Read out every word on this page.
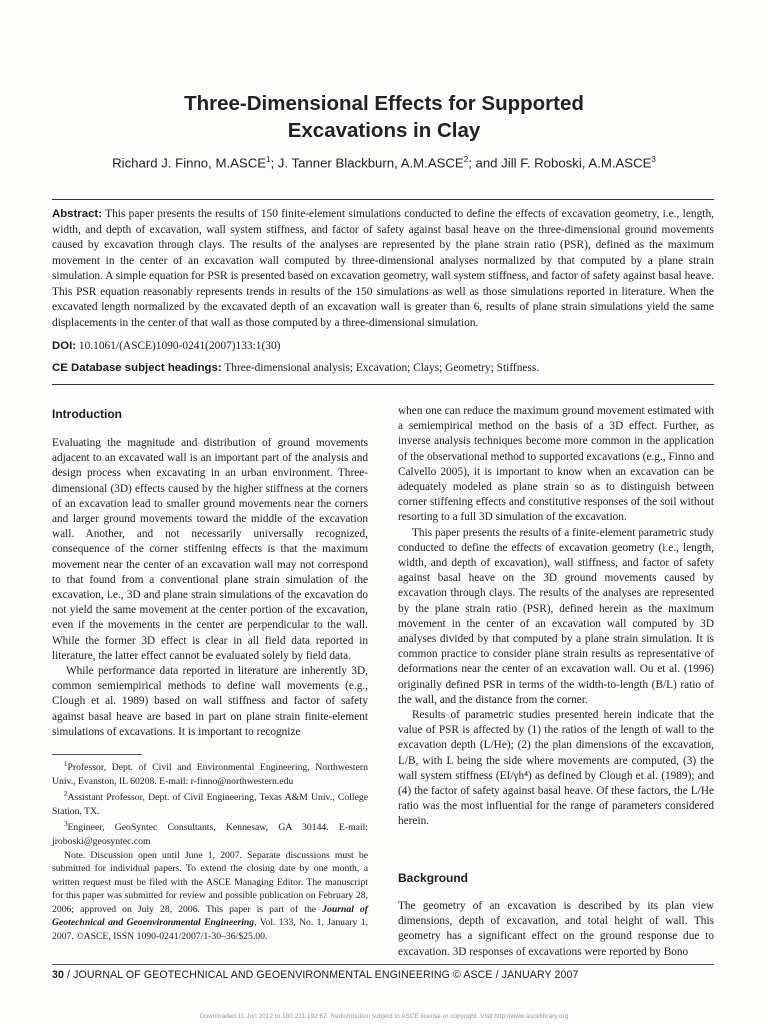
Three-Dimensional Effects for Supported
Excavations in Clay
Richard J. Finno, M.ASCE$^1$; J. Tanner Blackburn, A.M.ASCE$^2$; and Jill F. Roboski, A.M.ASCE$^3$
Abstract: This paper presents the results of 150 finite-element simulations conducted to define the effects of excavation geometry, i.e., length, width, and depth of excavation, wall system stiffness, and factor of safety against basal heave on the three-dimensional ground movements caused by excavation through clays. The results of the analyses are represented by the plane strain ratio (PSR), defined as the maximum movement in the center of an excavation wall computed by three-dimensional analyses normalized by that computed by a plane strain simulation. A simple equation for PSR is presented based on excavation geometry, wall system stiffness, and factor of safety against basal heave. This PSR equation reasonably represents trends in results of the 150 simulations as well as those simulations reported in literature. When the excavated length normalized by the excavated depth of an excavation wall is greater than 6, results of plane strain simulations yield the same displacements in the center of that wall as those computed by a three-dimensional simulation.
DOI: 10.1061/(ASCE)1090-0241(2007)133:1(30)
CE Database subject headings: Three-dimensional analysis; Excavation; Clays; Geometry; Stiffness.
Introduction

Evaluating the magnitude and distribution of ground movements adjacent to an excavated wall is an important part of the analysis and design process when excavating in an urban environment. Three-dimensional (3D) effects caused by the higher stiffness at the corners of an excavation lead to smaller ground movements near the corners and larger ground movements toward the middle of the excavation wall. Another, and not necessarily universally recognized, consequence of the corner stiffening effects is that the maximum movement near the center of an excavation wall may not correspond to that found from a conventional plane strain simulation of the excavation, i.e., 3D and plane strain simulations of the excavation do not yield the same movement at the center portion of the excavation, even if the movements in the center are perpendicular to the wall. While the former 3D effect is clear in all field data reported in literature, the latter effect cannot be evaluated solely by field data.

While performance data reported in literature are inherently 3D, common semiempirical methods to define wall movements (e.g., Clough et al. 1989) based on wall stiffness and factor of safety against basal heave are based in part on plane strain finite-element simulations of excavations. It is important to recognize

$^1$Professor, Dept. of Civil and Environmental Engineering, Northwestern Univ., Evanston, IL 60208. E-mail: r-finno@northwestern.edu

$^2$Assistant Professor, Dept. of Civil Engineering, Texas A&M Univ., College Station, TX.

$^3$Engineer, GeoSyntec Consultants, Kennesaw, GA 30144. E-mail: jroboski@geosyntec.com

Note. Discussion open until June 1, 2007. Separate discussions must be submitted for individual papers. To extend the closing date by one month, a written request must be filed with the ASCE Managing Editor. The manuscript for this paper was submitted for review and possible publication on February 28, 2006; approved on July 28, 2006. This paper is part of the Journal of Geotechnical and Geoenvironmental Engineering, Vol. 133, No. 1, January 1, 2007. ©ASCE, ISSN 1090-0241/2007/1-30–36/$25.00.

when one can reduce the maximum ground movement estimated with a semiempirical method on the basis of a 3D effect. Further, as inverse analysis techniques become more common in the application of the observational method to supported excavations (e.g., Finno and Calvello 2005), it is important to know when an excavation can be adequately modeled as plane strain so as to distinguish between corner stiffening effects and constitutive responses of the soil without resorting to a full 3D simulation of the excavation.

This paper presents the results of a finite-element parametric study conducted to define the effects of excavation geometry (i.e., length, width, and depth of excavation), wall stiffness, and factor of safety against basal heave on the 3D ground movements caused by excavation through clays. The results of the analyses are represented by the plane strain ratio (PSR), defined herein as the maximum movement in the center of an excavation wall computed by 3D analyses divided by that computed by a plane strain simulation. It is common practice to consider plane strain results as representative of deformations near the center of an excavation wall. Ou et al. (1996) originally defined PSR in terms of the width-to-length (B/L) ratio of the wall, and the distance from the corner.

Results of parametric studies presented herein indicate that the value of PSR is affected by (1) the ratios of the length of wall to the excavation depth (L/He); (2) the plan dimensions of the excavation, L/B, with L being the side where movements are computed, (3) the wall system stiffness (EI/γh⁴) as defined by Clough et al. (1989); and (4) the factor of safety against basal heave. Of these factors, the L/He ratio was the most influential for the range of parameters considered herein.

Background

The geometry of an excavation is described by its plan view dimensions, depth of excavation, and total height of wall. This geometry has a significant effect on the ground response due to excavation. 3D responses of excavations were reported by Bono

30 / JOURNAL OF GEOTECHNICAL AND GEOENVIRONMENTAL ENGINEERING © ASCE / JANUARY 2007
Downloaded 11 Jun 2012 to 180.211.192.67. Redistribution subject to ASCE license or copyright. Visit http://www.ascelibrary.org
